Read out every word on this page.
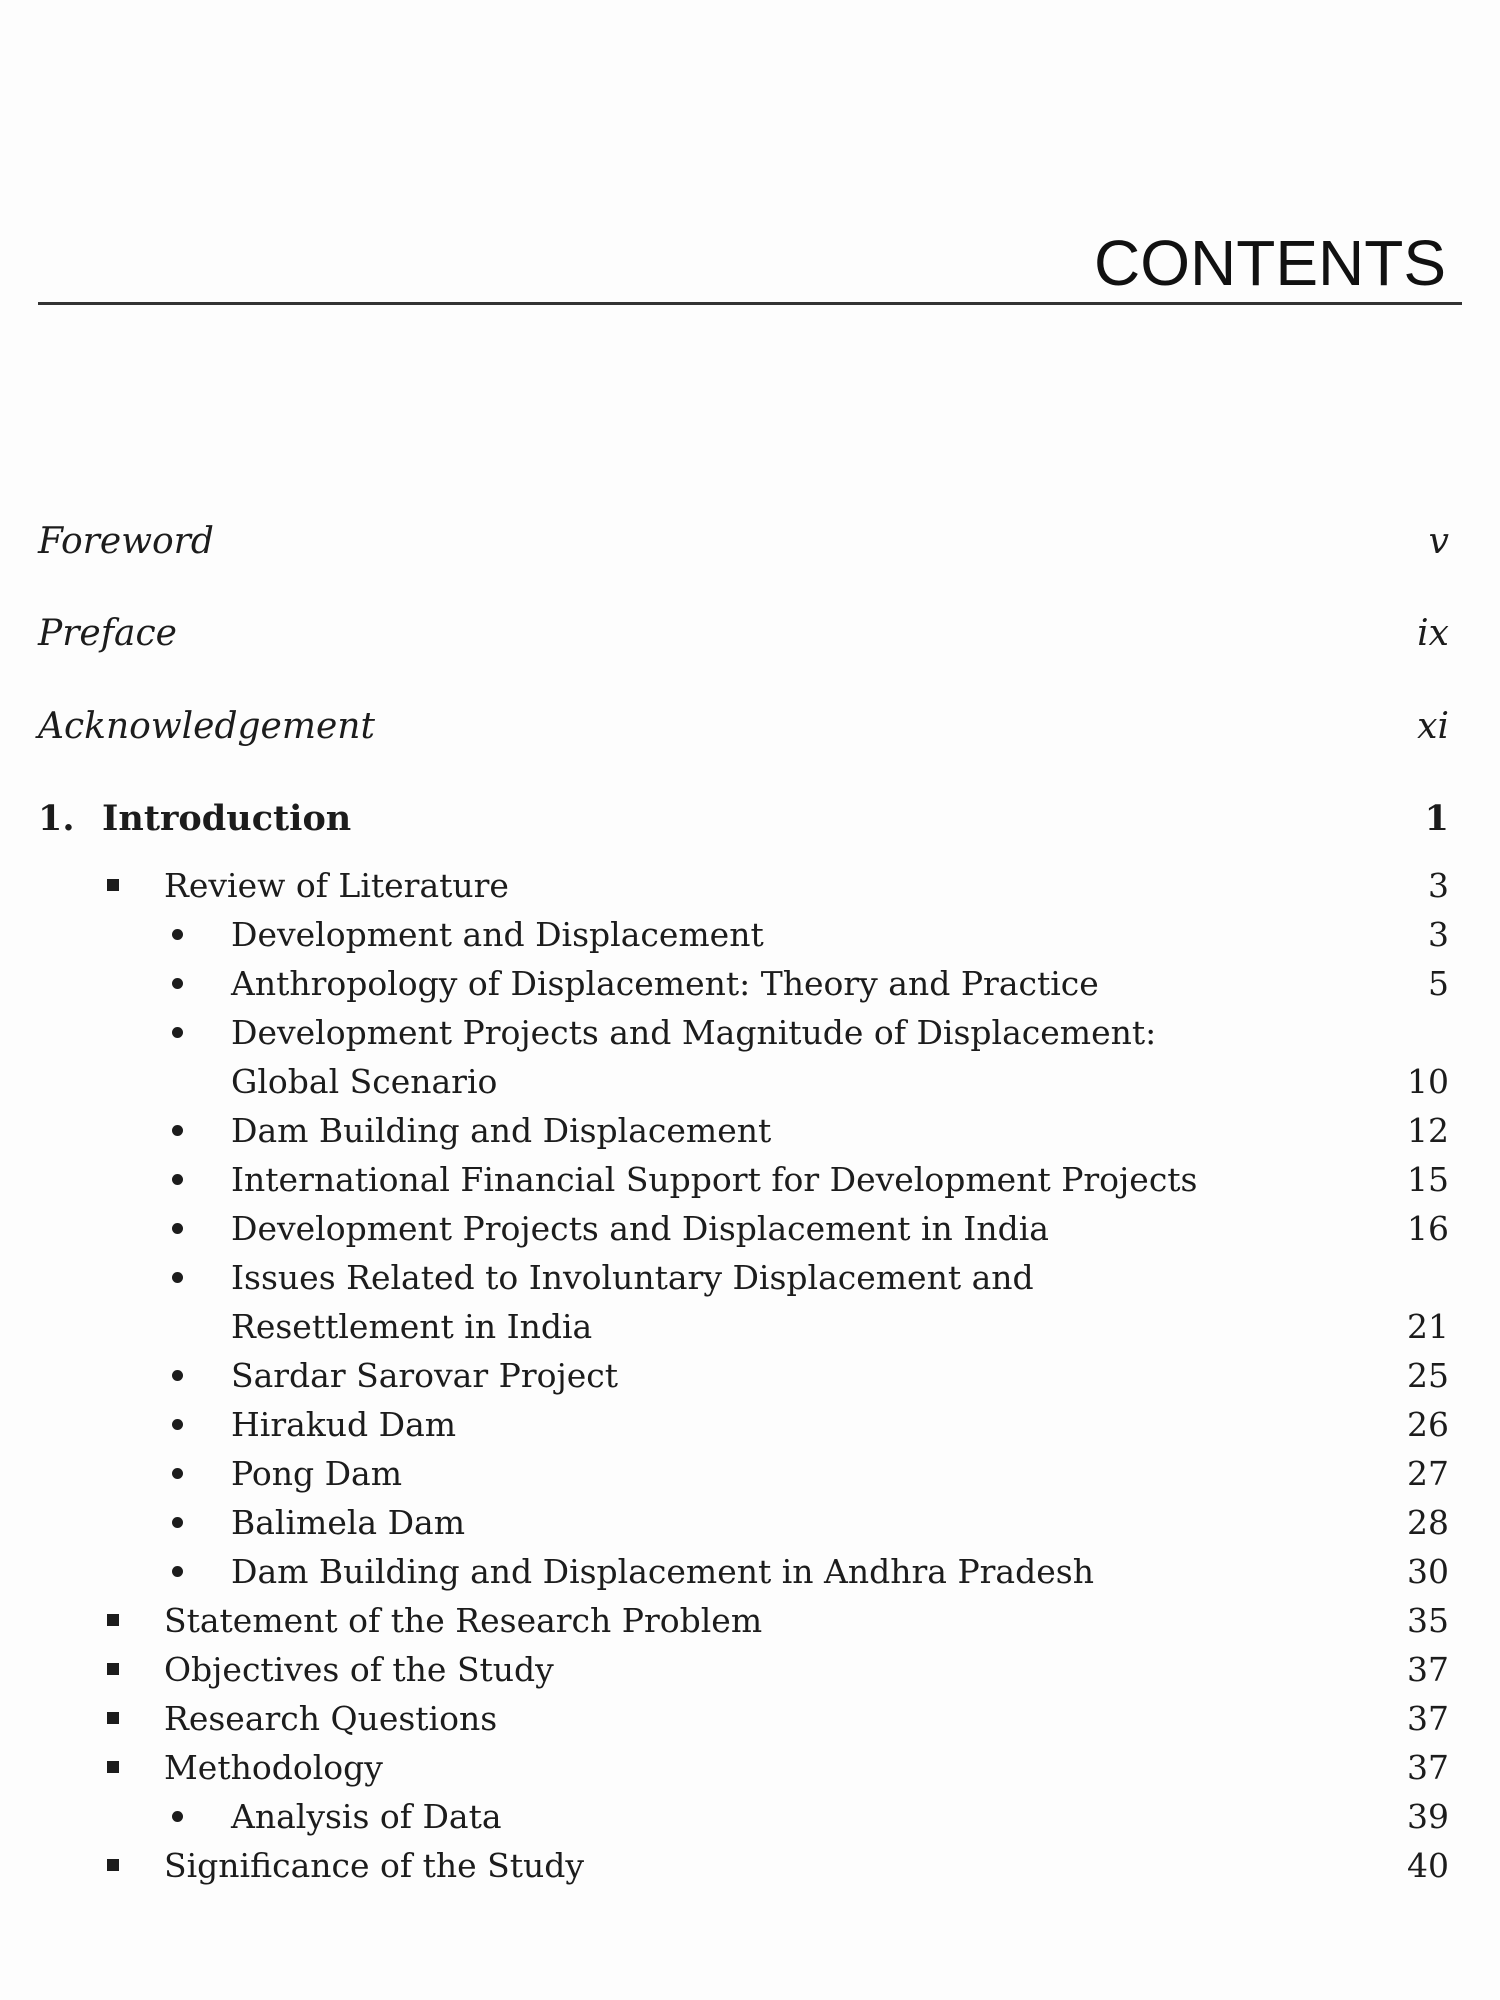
CONTENTS
Foreword	v
Preface	ix
Acknowledgement	xi
1. Introduction	1
Review of Literature	3
Development and Displacement	3
Anthropology of Displacement: Theory and Practice	5
Development Projects and Magnitude of Displacement:
Global Scenario	10
Dam Building and Displacement	12
International Financial Support for Development Projects	15
Development Projects and Displacement in India	16
Issues Related to Involuntary Displacement and
Resettlement in India	21
Sardar Sarovar Project	25
Hirakud Dam	26
Pong Dam	27
Balimela Dam	28
Dam Building and Displacement in Andhra Pradesh	30
Statement of the Research Problem	35
Objectives of the Study	37
Research Questions	37
Methodology	37
Analysis of Data	39
Significance of the Study	40
